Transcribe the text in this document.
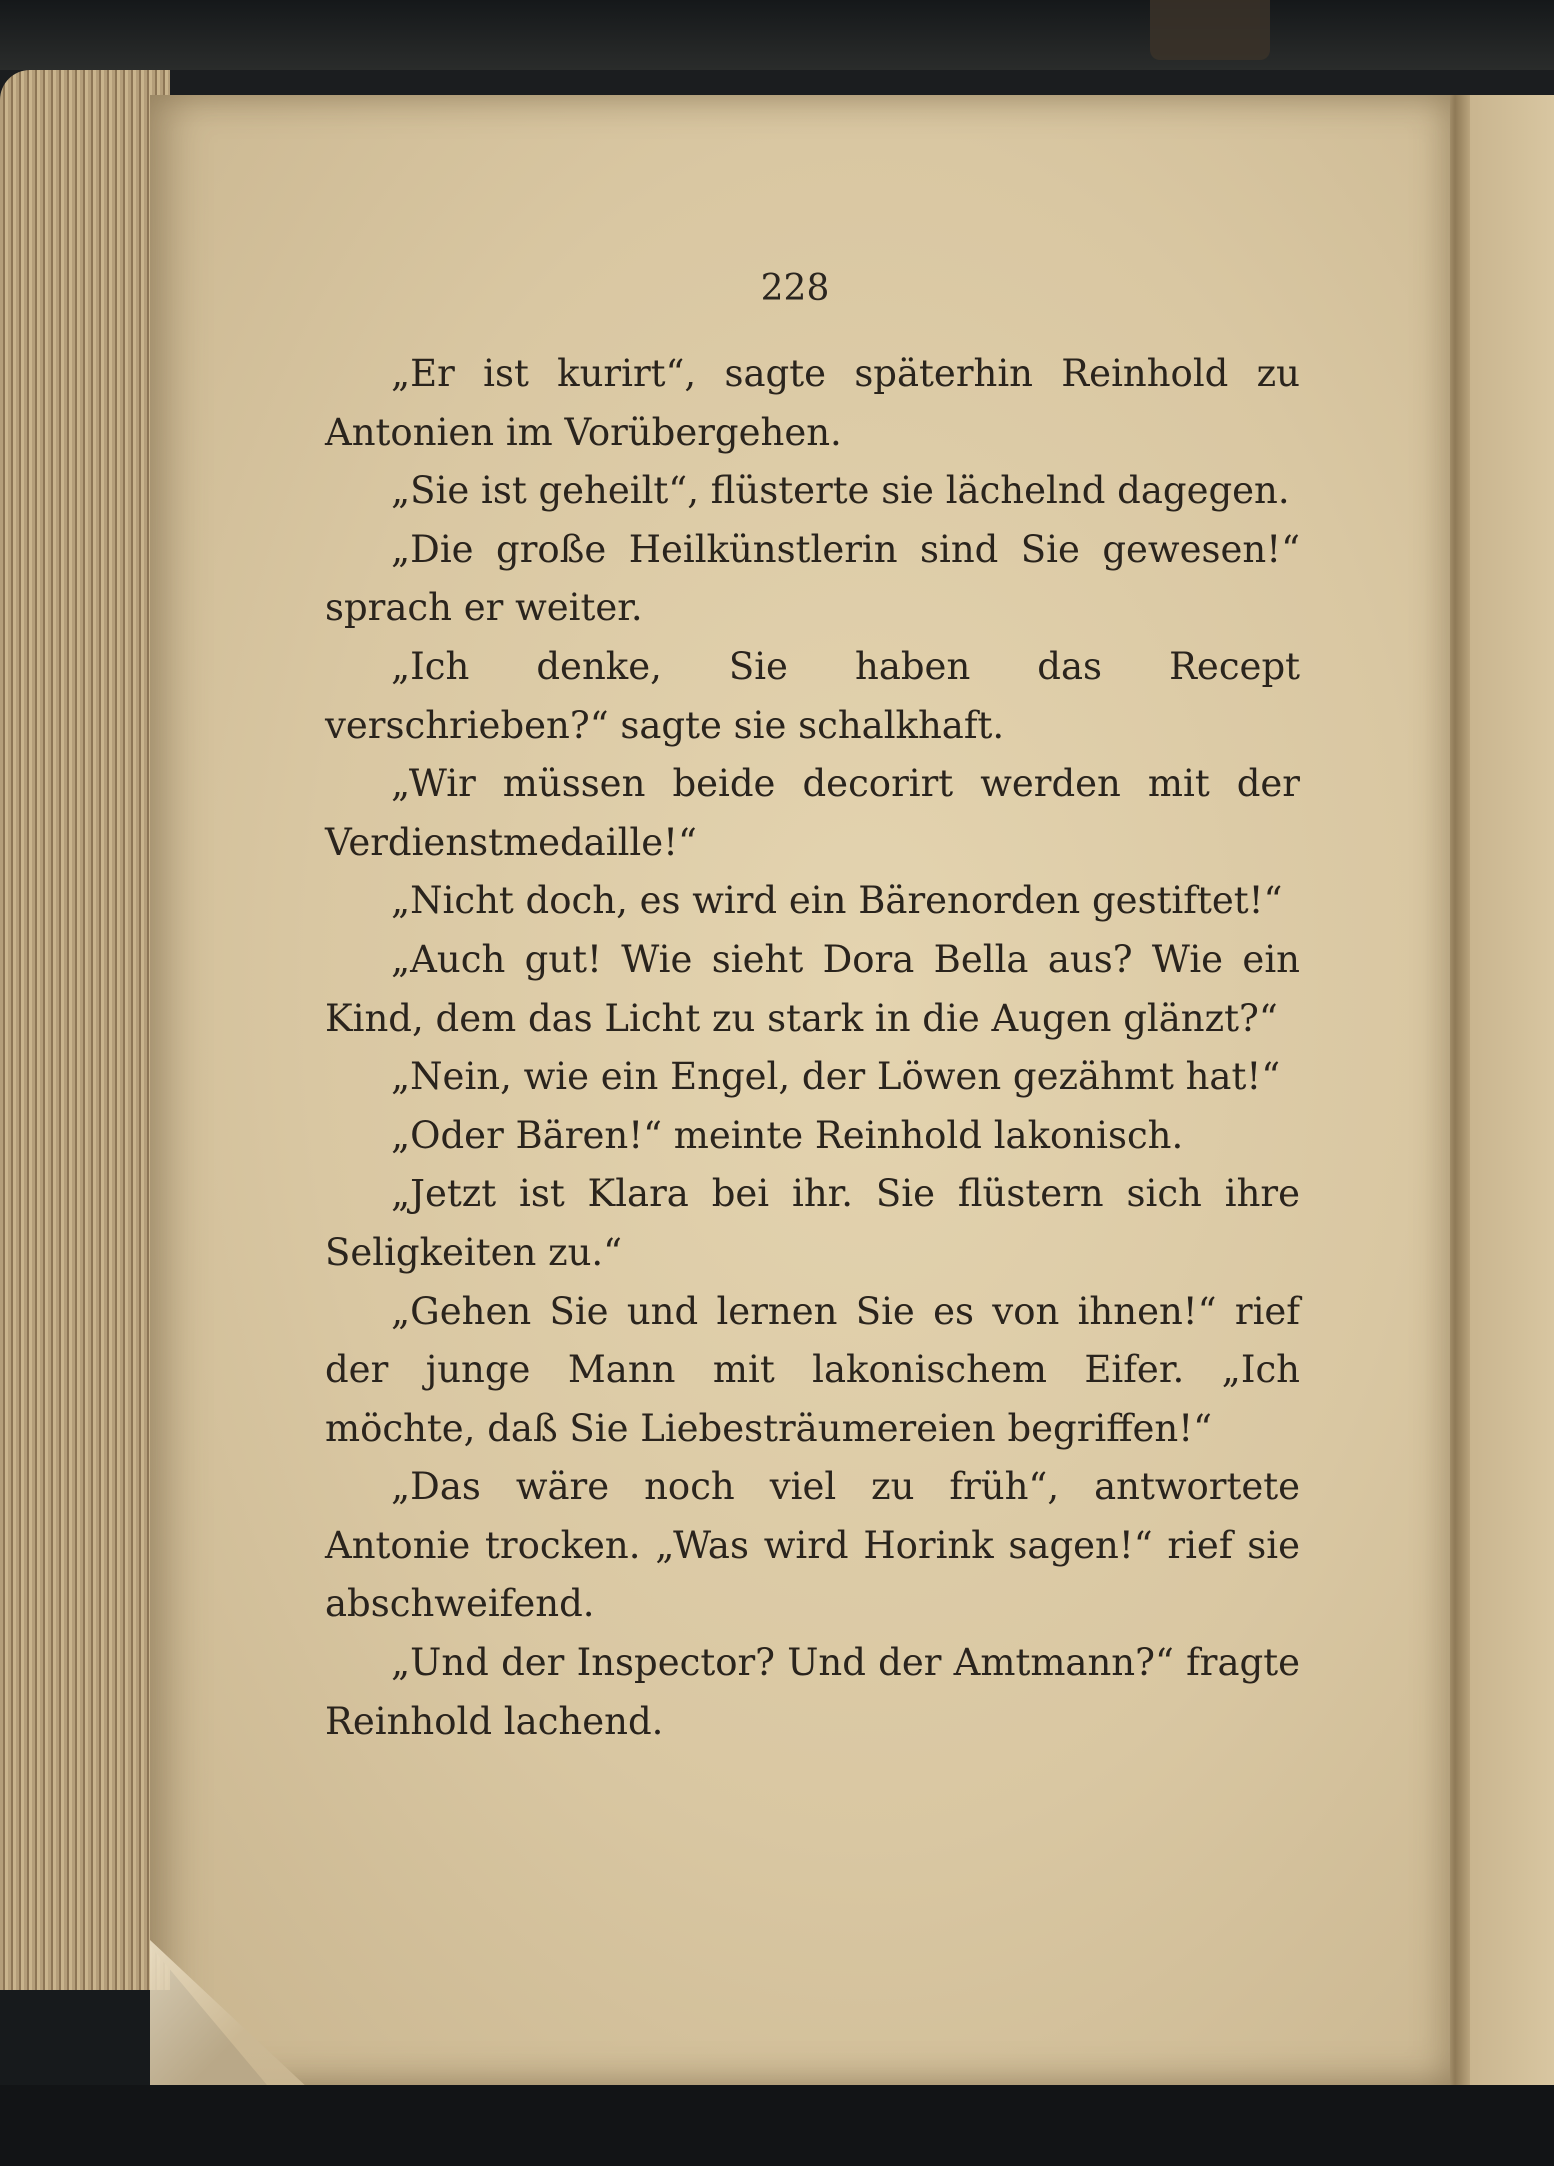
228

„Er ist kurirt“, sagte späterhin Reinhold zu Antonien im Vorübergehen.

„Sie ist geheilt“, flüsterte sie lächelnd dagegen.

„Die große Heilkünstlerin sind Sie gewesen!“ sprach er weiter.

„Ich denke, Sie haben das Recept verschrieben?“ sagte sie schalkhaft.

„Wir müssen beide decorirt werden mit der Verdienstmedaille!“

„Nicht doch, es wird ein Bärenorden gestiftet!“

„Auch gut! Wie sieht Dora Bella aus? Wie ein Kind, dem das Licht zu stark in die Augen glänzt?“

„Nein, wie ein Engel, der Löwen gezähmt hat!“

„Oder Bären!“ meinte Reinhold lakonisch.

„Jetzt ist Klara bei ihr. Sie flüstern sich ihre Seligkeiten zu.“

„Gehen Sie und lernen Sie es von ihnen!“ rief der junge Mann mit lakonischem Eifer. „Ich möchte, daß Sie Liebesträumereien begriffen!“

„Das wäre noch viel zu früh“, antwortete Antonie trocken. „Was wird Horink sagen!“ rief sie abschweifend.

„Und der Inspector? Und der Amtmann?“ fragte Reinhold lachend.
